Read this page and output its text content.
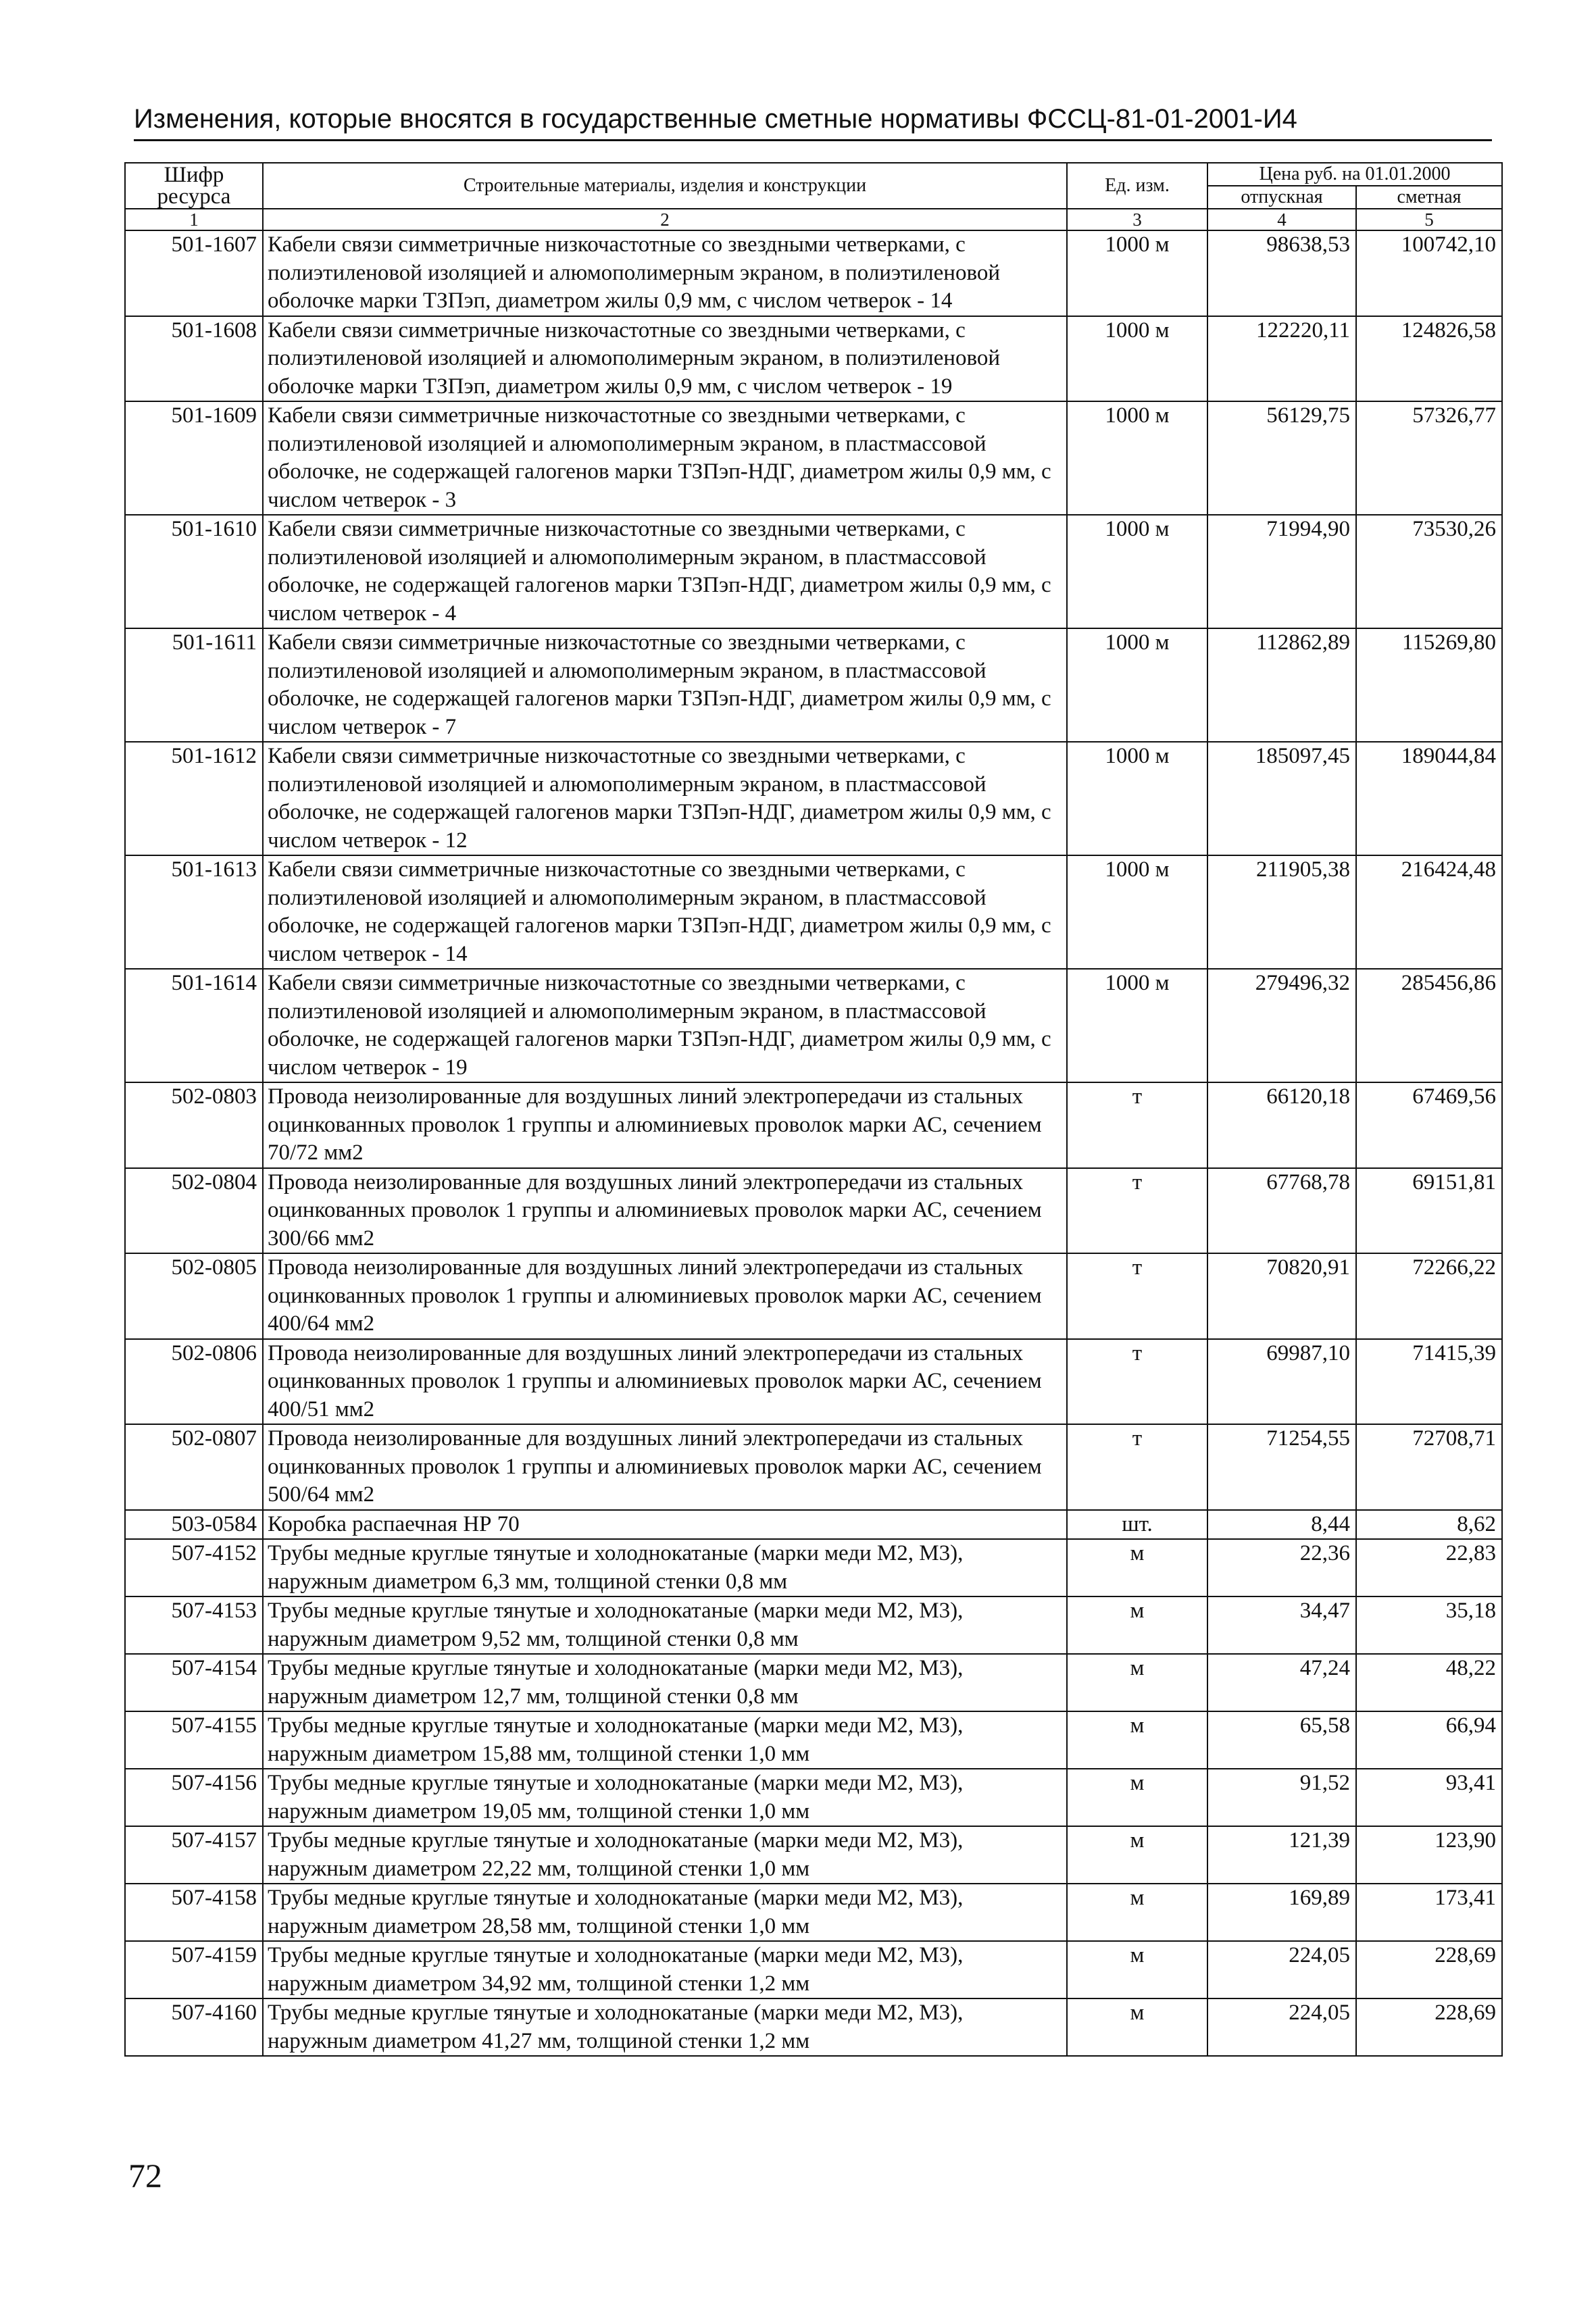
Изменения, которые вносятся в государственные сметные нормативы ФССЦ-81-01-2001-И4
Шифр ресурса	Строительные материалы, изделия и конструкции	Ед. изм.	Цена руб. на 01.01.2000	
			отпускная	сметная
1	2	3	4	5
501-1607	Кабели связи симметричные низкочастотные со звездными четверками, с полиэтиленовой изоляцией и алюмополимерным экраном, в полиэтиленовой оболочке марки ТЗПэп, диаметром жилы 0,9 мм, с числом четверок - 14	1000 м	98638,53	100742,10
501-1608	Кабели связи симметричные низкочастотные со звездными четверками, с полиэтиленовой изоляцией и алюмополимерным экраном, в полиэтиленовой оболочке марки ТЗПэп, диаметром жилы 0,9 мм, с числом четверок - 19	1000 м	122220,11	124826,58
501-1609	Кабели связи симметричные низкочастотные со звездными четверками, с полиэтиленовой изоляцией и алюмополимерным экраном, в пластмассовой оболочке, не содержащей галогенов марки ТЗПэп-НДГ, диаметром жилы 0,9 мм, с числом четверок - 3	1000 м	56129,75	57326,77
501-1610	Кабели связи симметричные низкочастотные со звездными четверками, с полиэтиленовой изоляцией и алюмополимерным экраном, в пластмассовой оболочке, не содержащей галогенов марки ТЗПэп-НДГ, диаметром жилы 0,9 мм, с числом четверок - 4	1000 м	71994,90	73530,26
501-1611	Кабели связи симметричные низкочастотные со звездными четверками, с полиэтиленовой изоляцией и алюмополимерным экраном, в пластмассовой оболочке, не содержащей галогенов марки ТЗПэп-НДГ, диаметром жилы 0,9 мм, с числом четверок - 7	1000 м	112862,89	115269,80
501-1612	Кабели связи симметричные низкочастотные со звездными четверками, с полиэтиленовой изоляцией и алюмополимерным экраном, в пластмассовой оболочке, не содержащей галогенов марки ТЗПэп-НДГ, диаметром жилы 0,9 мм, с числом четверок - 12	1000 м	185097,45	189044,84
501-1613	Кабели связи симметричные низкочастотные со звездными четверками, с полиэтиленовой изоляцией и алюмополимерным экраном, в пластмассовой оболочке, не содержащей галогенов марки ТЗПэп-НДГ, диаметром жилы 0,9 мм, с числом четверок - 14	1000 м	211905,38	216424,48
501-1614	Кабели связи симметричные низкочастотные со звездными четверками, с полиэтиленовой изоляцией и алюмополимерным экраном, в пластмассовой оболочке, не содержащей галогенов марки ТЗПэп-НДГ, диаметром жилы 0,9 мм, с числом четверок - 19	1000 м	279496,32	285456,86
502-0803	Провода неизолированные для воздушных линий электропередачи из стальных оцинкованных проволок 1 группы и алюминиевых проволок марки АС, сечением 70/72 мм2	т	66120,18	67469,56
502-0804	Провода неизолированные для воздушных линий электропередачи из стальных оцинкованных проволок 1 группы и алюминиевых проволок марки АС, сечением 300/66 мм2	т	67768,78	69151,81
502-0805	Провода неизолированные для воздушных линий электропередачи из стальных оцинкованных проволок 1 группы и алюминиевых проволок марки АС, сечением 400/64 мм2	т	70820,91	72266,22
502-0806	Провода неизолированные для воздушных линий электропередачи из стальных оцинкованных проволок 1 группы и алюминиевых проволок марки АС, сечением 400/51 мм2	т	69987,10	71415,39
502-0807	Провода неизолированные для воздушных линий электропередачи из стальных оцинкованных проволок 1 группы и алюминиевых проволок марки АС, сечением 500/64 мм2	т	71254,55	72708,71
503-0584	Коробка распаечная НР 70	шт.	8,44	8,62
507-4152	Трубы медные круглые тянутые и холоднокатаные (марки меди М2, М3), наружным диаметром 6,3 мм, толщиной стенки 0,8 мм	м	22,36	22,83
507-4153	Трубы медные круглые тянутые и холоднокатаные (марки меди М2, М3), наружным диаметром 9,52 мм, толщиной стенки 0,8 мм	м	34,47	35,18
507-4154	Трубы медные круглые тянутые и холоднокатаные (марки меди М2, М3), наружным диаметром 12,7 мм, толщиной стенки 0,8 мм	м	47,24	48,22
507-4155	Трубы медные круглые тянутые и холоднокатаные (марки меди М2, М3), наружным диаметром 15,88 мм, толщиной стенки 1,0 мм	м	65,58	66,94
507-4156	Трубы медные круглые тянутые и холоднокатаные (марки меди М2, М3), наружным диаметром 19,05 мм, толщиной стенки 1,0 мм	м	91,52	93,41
507-4157	Трубы медные круглые тянутые и холоднокатаные (марки меди М2, М3), наружным диаметром 22,22 мм, толщиной стенки 1,0 мм	м	121,39	123,90
507-4158	Трубы медные круглые тянутые и холоднокатаные (марки меди М2, М3), наружным диаметром 28,58 мм, толщиной стенки 1,0 мм	м	169,89	173,41
507-4159	Трубы медные круглые тянутые и холоднокатаные (марки меди М2, М3), наружным диаметром 34,92 мм, толщиной стенки 1,2 мм	м	224,05	228,69
507-4160	Трубы медные круглые тянутые и холоднокатаные (марки меди М2, М3), наружным диаметром 41,27 мм, толщиной стенки 1,2 мм	м	224,05	228,69
72
